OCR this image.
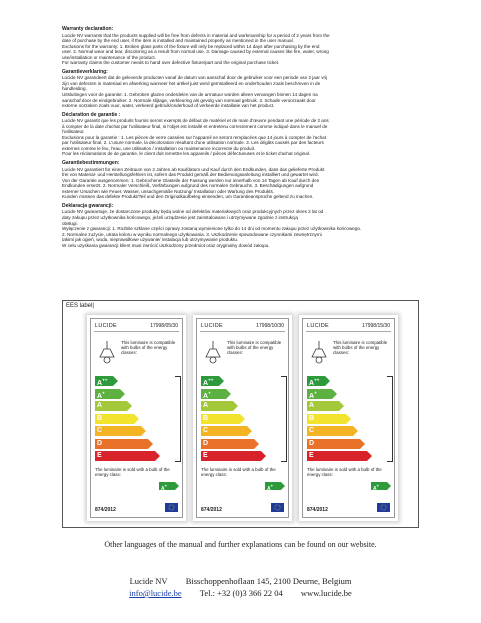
Warranty declaration:

Lucide NV warrants that the products supplied will be free from defects in material and workmanship for a period of 2 years from the

date of purchase by the end user, if the item is installed and maintained properly as mentioned in the user manual.

Exclusions for the warranty: 1. Broken glass parts of the fixture will only be replaced within 14 days after purchasing by the end

user. 2. Normal wear and tear, discoloring as a result from normal use. 3. Damage caused by external causes like fire, water, wrong

use/installation or maintenance of the product.

For warranty claims the customer needs to hand over defective fixture/part and the original purchase ticket.

Garantieverklaring:

Lucide NV garandeert dat de geleverde producten vanaf de datum van aanschaf door de gebruiker voor een periode van 2 jaar vrij

zijn van defecten in materiaal en afwerking wanneer het artikel juist werd geïnstalleerd en onderhouden zoals beschreven in de

handleiding.

Uitsluitingen voor de garantie: 1. Gebroken glazen onderdelen van de armatuur worden alleen vervangen binnen 14 dagen na

aanschaf door de eindgebruiker. 2. Normale slijtage, verkleuring als gevolg van normaal gebruik. 3. Schade veroorzaakt door

externe oorzaken zoals vuur, water, verkeerd gebruik/onderhoud of verkeerde installatie van het product.

Déclaration de garantie :

Lucide NV garantit que les produits fournis seront exempts de défaut de matériel et de main d'œuvre pendant une période de 2 ans

à compter de la date d'achat par l'utilisateur final, si l'objet est installé et entretenu correctement comme indiqué dans le manuel de

l'utilisateur.

Exclusions pour la garantie : 1. Les pièces de verre cassées sur l'appareil ne seront remplacées que 14 jours à compter de l'achat

par l'utilisateur final. 2. L'usure normale, la décoloration résultant d'une utilisation normale. 3. Les dégâts causés par des facteurs

externes comme le feu, l'eau, une utilisation / installation ou maintenance incorrecte du produit.

Pour les réclamations de de garantie, le client doit remettre les appareils / pièces défectueuses et le ticket d'achat original.

Garantiebestimmungen:

Lucide NV garantiert für einen Zeitraum von 2 Jahren ab Kaufdatum und Kauf durch den Endkunden, dass das gelieferte Produkt

frei von Material- und Herstellungsfehlern ist, sofern das Produkt gemäß der Bedienungsanleitung installiert und gewartet wird.

Von der Garantie ausgenommen: 1. Gebrochene Glasteile der Fassung werden nur innerhalb von 14 Tagen ab Kauf durch den

Endkunden ersetzt. 2. Normaler Verschleiß, Verfärbungen aufgrund des normalen Gebrauchs. 3. Beschädigungen aufgrund

externer Ursachen wie Feuer, Wasser, unsachgemäße Nutzung/ Installation oder Wartung des Produkts.

Kunden müssen das defekte Produkt/Teil und den Originalkaufbeleg einsenden, um Garantieansprüche geltend zu machen.

Deklaracja gwarancji:

Lucide NV gwarantuje, że dostarczone produkty będą wolne od defektów materiałowych oraz produkcyjnych przez okres 2 lat od

daty zakupu przez użytkownika końcowego, jeżeli urządzenie jest zainstalowane i utrzymywane zgodnie z instrukcją

obsługi.

Wyłączenie z gwarancji: 1. Rozbite szklane części oprawy zostaną wymienione tylko do 14 dni od momentu zakupu przez użytkownika końcowego.

2. Normalne zużycie, utrata koloru w wyniku normalnego użytkowania. 3. Uszkodzenie spowodowane czynnikami zewnętrznymi

takimi jak ogień, woda, nieprawidłowe używanie/ instalacja lub utrzymywanie produktu.

W celu uzyskania gwarancji klient musi zwrócić uszkodzony przedmiot oraz oryginalny dowód zakupu.

EES label|
LUCIDE	17998/05/30
This luminaire is compatible with bulbs of the energy classes:
A++
A+
A
B
C
D
E
The luminaire is sold with a bulb of the energy class:
A+
874/2012
LUCIDE	17998/10/30
This luminaire is compatible with bulbs of the energy classes:
A++
A+
A
B
C
D
E
The luminaire is sold with a bulb of the energy class:
A+
874/2012
LUCIDE	17998/15/30
This luminaire is compatible with bulbs of the energy classes:
A++
A+
A
B
C
D
E
The luminaire is sold with a bulb of the energy class:
A+
874/2012
Other languages of the manual and further explanations can be found on our website.
Lucide NV Bisschoppenhoflaan 145, 2100 Deurne, Belgium
info@lucide.be Tel.: +32 (0)3 366 22 04 www.lucide.be
